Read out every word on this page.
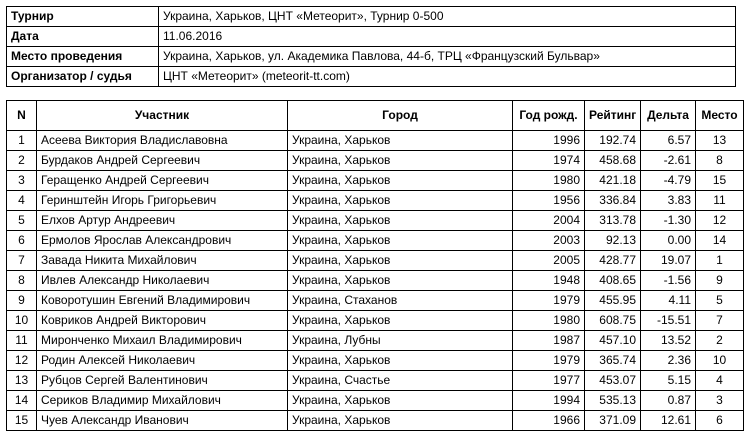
Турнир	Украина, Харьков, ЦНТ «Метеорит», Турнир 0-500
Дата	11.06.2016
Место проведения	Украина, Харьков, ул. Академика Павлова, 44-б, ТРЦ «Французский Бульвар»
Организатор / судья	ЦНТ «Метеорит» (meteorit-tt.com)
N	Участник	Город	Год рожд.	Рейтинг	Дельта	Место
1	Асеева Виктория Владиславовна	Украина, Харьков	1996	192.74	6.57	13
2	Бурдаков Андрей Сергеевич	Украина, Харьков	1974	458.68	-2.61	8
3	Геращенко Андрей Сергеевич	Украина, Харьков	1980	421.18	-4.79	15
4	Геринштейн Игорь Григорьевич	Украина, Харьков	1956	336.84	3.83	11
5	Елхов Артур Андреевич	Украина, Харьков	2004	313.78	-1.30	12
6	Ермолов Ярослав Александрович	Украина, Харьков	2003	92.13	0.00	14
7	Завада Никита Михайлович	Украина, Харьков	2005	428.77	19.07	1
8	Ивлев Александр Николаевич	Украина, Харьков	1948	408.65	-1.56	9
9	Коворотушин Евгений Владимирович	Украина, Стаханов	1979	455.95	4.11	5
10	Ковриков Андрей Викторович	Украина, Харьков	1980	608.75	-15.51	7
11	Миронченко Михаил Владимирович	Украина, Лубны	1987	457.10	13.52	2
12	Родин Алексей Николаевич	Украина, Харьков	1979	365.74	2.36	10
13	Рубцов Сергей Валентинович	Украина, Счастье	1977	453.07	5.15	4
14	Сериков Владимир Михайлович	Украина, Харьков	1994	535.13	0.87	3
15	Чуев Александр Иванович	Украина, Харьков	1966	371.09	12.61	6
